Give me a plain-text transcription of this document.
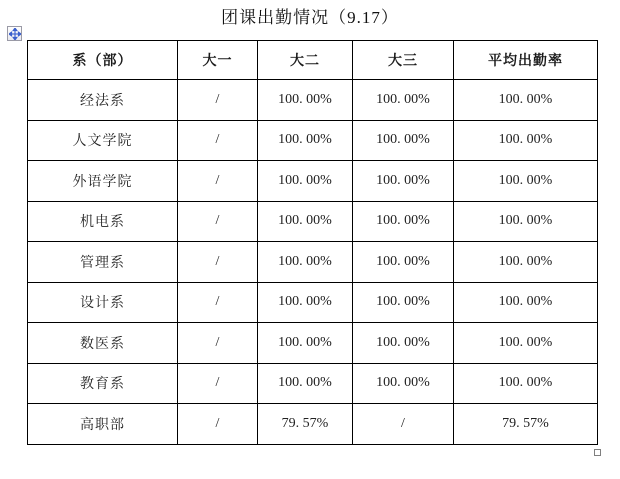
团课出勤情况（9.17）
系（部）	大一	大二	大三	平均出勤率
经法系	/	100. 00%	100. 00%	100. 00%
人文学院	/	100. 00%	100. 00%	100. 00%
外语学院	/	100. 00%	100. 00%	100. 00%
机电系	/	100. 00%	100. 00%	100. 00%
管理系	/	100. 00%	100. 00%	100. 00%
设计系	/	100. 00%	100. 00%	100. 00%
数医系	/	100. 00%	100. 00%	100. 00%
教育系	/	100. 00%	100. 00%	100. 00%
高职部	/	79. 57%	/	79. 57%
